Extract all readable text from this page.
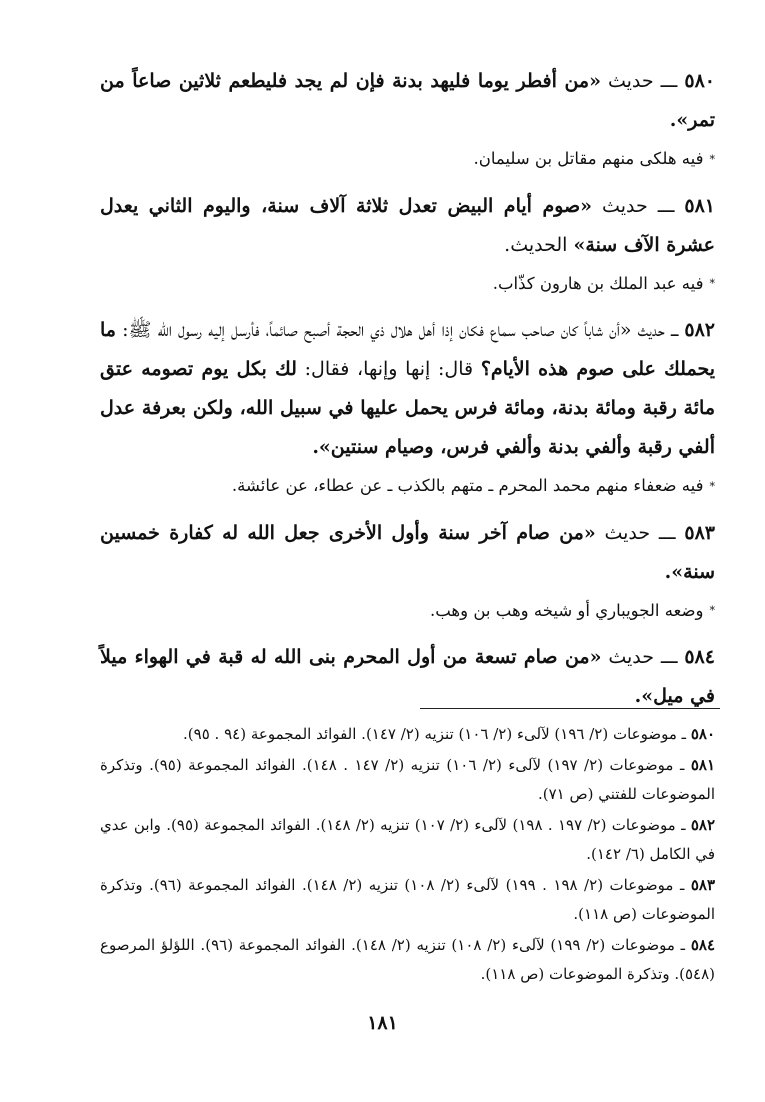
٥٨٠ ـــ حديث «من أفطر يوما فليهد بدنة فإن لم يجد فليطعم ثلاثين صاعاً من تمر».

*فيه هلكى منهم مقاتل بن سليمان.

٥٨١ ـــ حديث «صوم أيام البيض تعدل ثلاثة آلاف سنة، واليوم الثاني يعدل عشرة الآف سنة» الحديث.

*فيه عبد الملك بن هارون كذّاب.

٥٨٢ ـــ حديث «أن شاباً كان صاحب سماع فكان إذا أهل هلال ذي الحجة أصبح صائماً، فأرسل إليه رسول الله ﷺ: ما يحملك على صوم هذه الأيام؟ قال: إنها وإنها، فقال: لك بكل يوم تصومه عتق مائة رقبة ومائة بدنة، ومائة فرس يحمل عليها في سبيل الله، ولكن بعرفة عدل ألفي رقبة وألفي بدنة وألفي فرس، وصيام سنتين».

*فيه ضعفاء منهم محمد المحرم ـ متهم بالكذب ـ عن عطاء، عن عائشة.

٥٨٣ ـــ حديث «من صام آخر سنة وأول الأخرى جعل الله له كفارة خمسين سنة».

*وضعه الجويباري أو شيخه وهب بن وهب.

٥٨٤ ـــ حديث «من صام تسعة من أول المحرم بنى الله له قبة في الهواء ميلاً في ميل».

٥٨٠ ـ موضوعات (٢/ ١٩٦) لآلىء (٢/ ١٠٦) تنزيه (٢/ ١٤٧). الفوائد المجموعة (٩٤ . ٩٥).

٥٨١ ـ موضوعات (٢/ ١٩٧) لآلىء (٢/ ١٠٦) تنزيه (٢/ ١٤٧ . ١٤٨). الفوائد المجموعة (٩٥). وتذكرة الموضوعات للفتني (ص ٧١).

٥٨٢ ـ موضوعات (٢/ ١٩٧ . ١٩٨) لآلىء (٢/ ١٠٧) تنزيه (٢/ ١٤٨). الفوائد المجموعة (٩٥). وابن عدي في الكامل (٦/ ١٤٢).

٥٨٣ ـ موضوعات (٢/ ١٩٨ . ١٩٩) لآلىء (٢/ ١٠٨) تنزيه (٢/ ١٤٨). الفوائد المجموعة (٩٦). وتذكرة الموضوعات (ص ١١٨).

٥٨٤ ـ موضوعات (٢/ ١٩٩) لآلىء (٢/ ١٠٨) تنزيه (٢/ ١٤٨). الفوائد المجموعة (٩٦). اللؤلؤ المرصوع (٥٤٨). وتذكرة الموضوعات (ص ١١٨).

١٨١
